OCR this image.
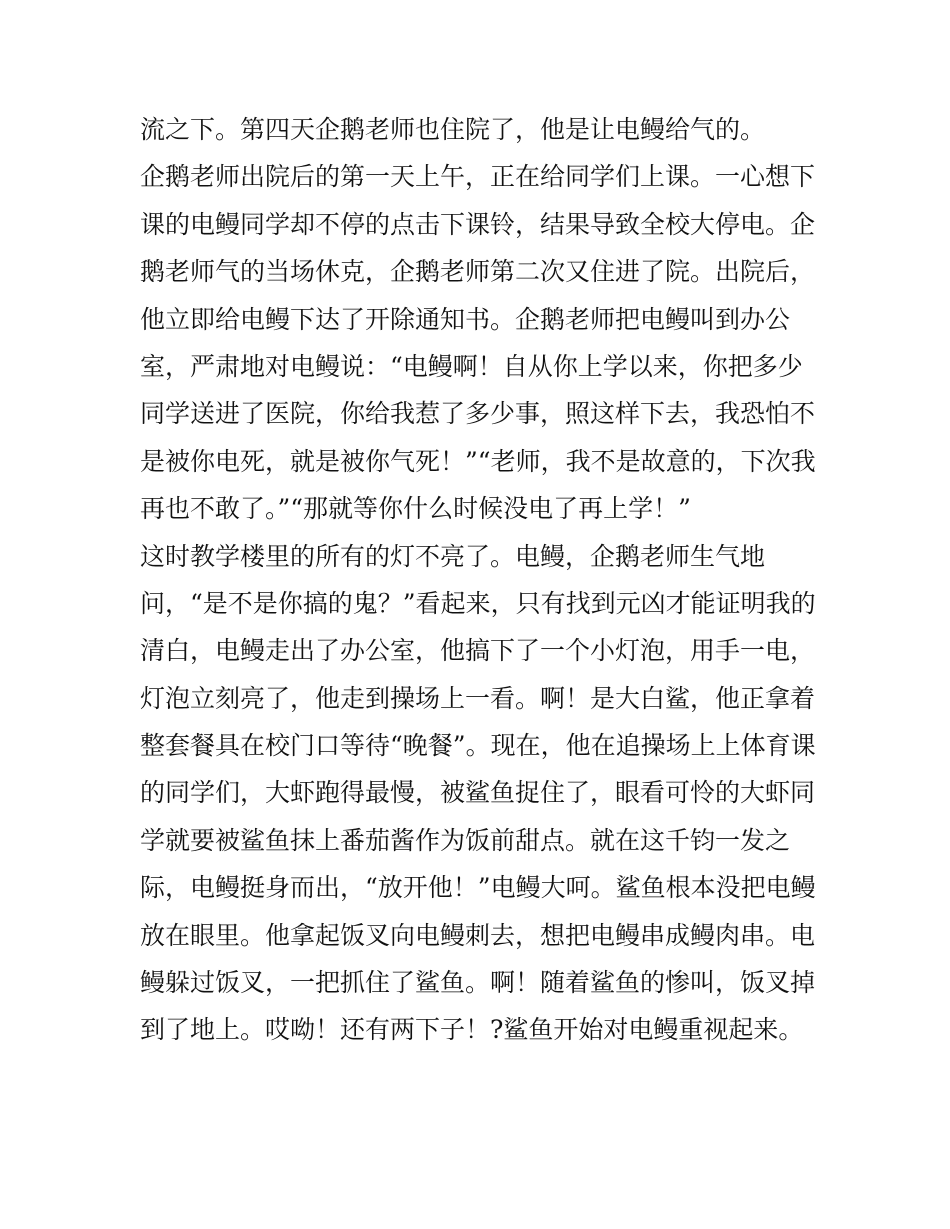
流之下。第四天企鹅老师也住院了，他是让电鳗给气的。
企鹅老师出院后的第一天上午，正在给同学们上课。一心想下
课的电鳗同学却不停的点击下课铃，结果导致全校大停电。企
鹅老师气的当场休克，企鹅老师第二次又住进了院。出院后，
他立即给电鳗下达了开除通知书。企鹅老师把电鳗叫到办公
室，严肃地对电鳗说：“电鳗啊！自从你上学以来，你把多少
同学送进了医院，你给我惹了多少事，照这样下去，我恐怕不
是被你电死，就是被你气死！”“老师，我不是故意的，下次我
再也不敢了。”“那就等你什么时候没电了再上学！”
这时教学楼里的所有的灯不亮了。电鳗，企鹅老师生气地
问，“是不是你搞的鬼？”看起来，只有找到元凶才能证明我的
清白，电鳗走出了办公室，他搞下了一个小灯泡，用手一电，
灯泡立刻亮了，他走到操场上一看。啊！是大白鲨，他正拿着
整套餐具在校门口等待“晚餐”。现在，他在追操场上上体育课
的同学们，大虾跑得最慢，被鲨鱼捉住了，眼看可怜的大虾同
学就要被鲨鱼抹上番茄酱作为饭前甜点。就在这千钧一发之
际，电鳗挺身而出，“放开他！”电鳗大呵。鲨鱼根本没把电鳗
放在眼里。他拿起饭叉向电鳗刺去，想把电鳗串成鳗肉串。电
鳗躲过饭叉，一把抓住了鲨鱼。啊！随着鲨鱼的惨叫，饭叉掉
到了地上。哎呦！还有两下子！?鲨鱼开始对电鳗重视起来。
